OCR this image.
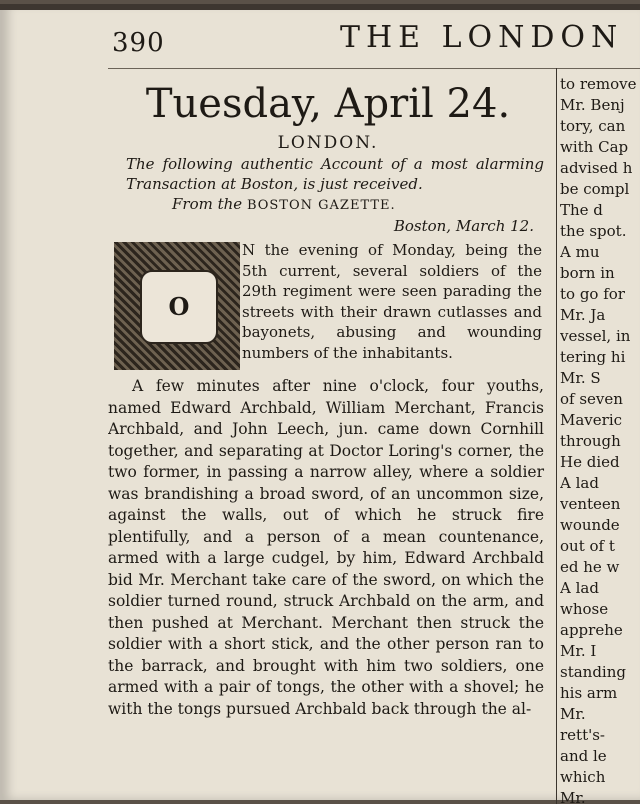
390	THE LONDON
Tuesday, April 24.
LONDON.
The following authentic Account of a most alarming Transaction at Boston, is just received.
From the BOSTON GAZETTE.
Boston, March 12.
O
N the evening of Monday, being the 5th current, several soldiers of the 29th regiment were seen parading the streets with their drawn cutlasses and bayonets, abusing and wounding numbers of the inhabitants.

A few minutes after nine o'clock, four youths, named Edward Archbald, William Merchant, Francis Archbald, and John Leech, jun. came down Cornhill together, and separating at Doctor Loring's corner, the two former, in passing a narrow alley, where a soldier was brandishing a broad sword, of an uncommon size, against the walls, out of which he struck fire plentifully, and a person of a mean countenance, armed with a large cudgel, by him, Edward Archbald bid Mr. Merchant take care of the sword, on which the soldier turned round, struck Archbald on the arm, and then pushed at Merchant. Merchant then struck the soldier with a short stick, and the other person ran to the barrack, and brought with him two soldiers, one armed with a pair of tongs, the other with a shovel; he with the tongs pursued Archbald back through the al-

to remove
Mr. Benj
tory, can
with Cap
advised h
be compl
The d
the spot.
A mu
born in
to go for
Mr. Ja
vessel, in
tering hi
Mr. S
of seven
Maveric
through
He died
A lad
venteen
wounde
out of t
ed he w
A lad
whose
apprehe
Mr. I
standing
his arm
Mr.
rett's-
and le
which
Mr.
